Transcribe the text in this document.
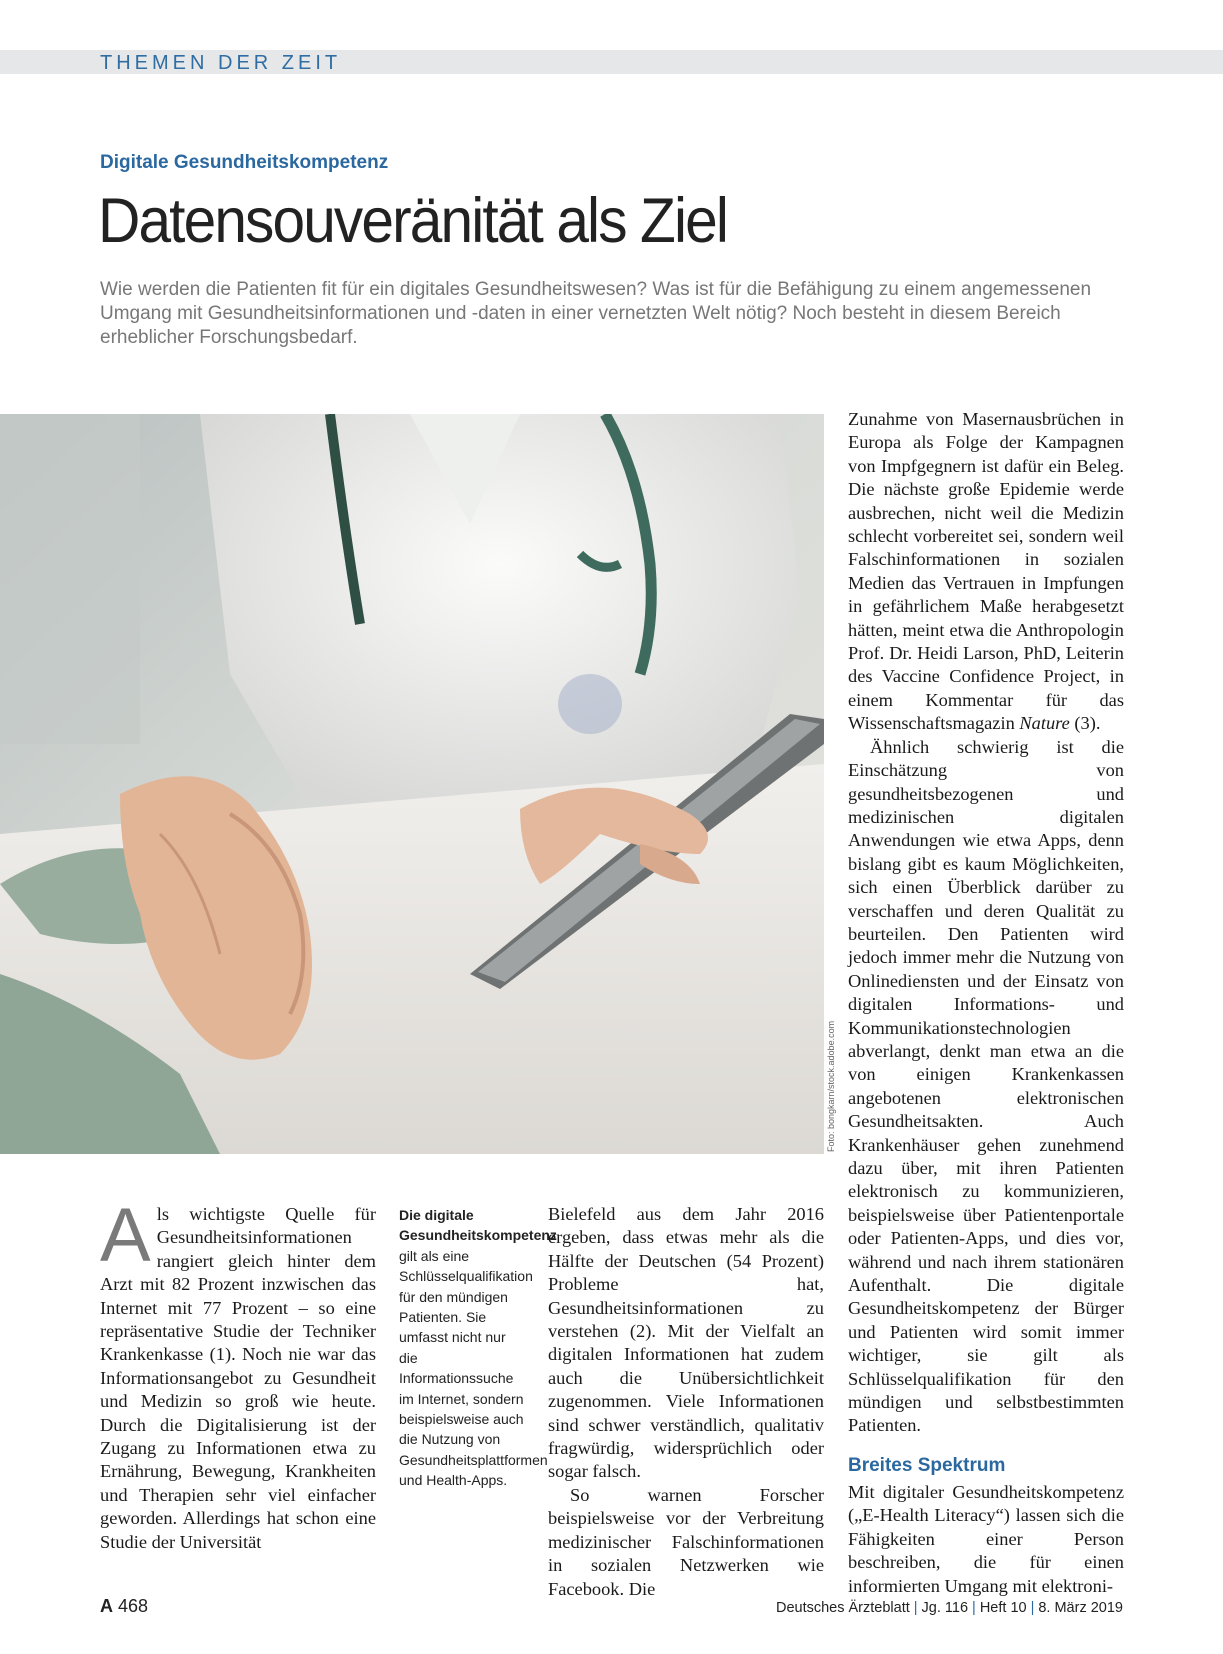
THEMEN DER ZEIT
Digitale Gesundheitskompetenz
Datensouveränität als Ziel
Wie werden die Patienten fit für ein digitales Gesundheitswesen? Was ist für die Befähigung zu einem angemessenen Umgang mit Gesundheitsinformationen und -daten in einer vernetzten Welt nötig? Noch besteht in diesem Bereich erheblicher Forschungsbedarf.
Foto: bongkarn/stock.adobe.com

Als wichtigste Quelle für Gesundheitsinformationen rangiert gleich hinter dem Arzt mit 82 Prozent inzwischen das Internet mit 77 Prozent – so eine repräsentative Studie der Techniker Krankenkasse (1). Noch nie war das Informationsangebot zu Gesundheit und Medizin so groß wie heute. Durch die Digitalisierung ist der Zugang zu Informationen etwa zu Ernährung, Bewegung, Krankheiten und Therapien sehr viel einfacher geworden. Allerdings hat schon eine Studie der Universität

Die digitale Gesundheitskompetenz gilt als eine Schlüsselqualifikation für den mündigen Patienten. Sie umfasst nicht nur die Informationssuche im Internet, sondern beispielsweise auch die Nutzung von Gesundheitsplattformen und Health-Apps.

Bielefeld aus dem Jahr 2016 ergeben, dass etwas mehr als die Hälfte der Deutschen (54 Prozent) Probleme hat, Gesundheitsinformationen zu verstehen (2). Mit der Vielfalt an digitalen Informationen hat zudem auch die Unübersichtlichkeit zugenommen. Viele Informationen sind schwer verständlich, qualitativ fragwürdig, widersprüchlich oder sogar falsch.

So warnen Forscher beispielsweise vor der Verbreitung medizinischer Falschinformationen in sozialen Netzwerken wie Facebook. Die

Zunahme von Masernausbrüchen in Europa als Folge der Kampagnen von Impfgegnern ist dafür ein Beleg. Die nächste große Epidemie werde ausbrechen, nicht weil die Medizin schlecht vorbereitet sei, sondern weil Falschinformationen in sozialen Medien das Vertrauen in Impfungen in gefährlichem Maße herabgesetzt hätten, meint etwa die Anthropologin Prof. Dr. Heidi Larson, PhD, Leiterin des Vaccine Confidence Project, in einem Kommentar für das Wissenschaftsmagazin Nature (3).

Ähnlich schwierig ist die Einschätzung von gesundheitsbezogenen und medizinischen digitalen Anwendungen wie etwa Apps, denn bislang gibt es kaum Möglichkeiten, sich einen Überblick darüber zu verschaffen und deren Qualität zu beurteilen. Den Patienten wird jedoch immer mehr die Nutzung von Onlinediensten und der Einsatz von digitalen Informations- und Kommunikationstechnologien abverlangt, denkt man etwa an die von einigen Krankenkassen angebotenen elektronischen Gesundheitsakten. Auch Krankenhäuser gehen zunehmend dazu über, mit ihren Patienten elektronisch zu kommunizieren, beispielsweise über Patientenportale oder Patienten-Apps, und dies vor, während und nach ihrem stationären Aufenthalt. Die digitale Gesundheitskompetenz der Bürger und Patienten wird somit immer wichtiger, sie gilt als Schlüsselqualifikation für den mündigen und selbstbestimmten Patienten.

Breites Spektrum

Mit digitaler Gesundheitskompetenz („E-Health Literacy“) lassen sich die Fähigkeiten einer Person beschreiben, die für einen informierten Umgang mit elektroni-

A 468	Deutsches Ärzteblatt | Jg. 116 | Heft 10 | 8. März 2019
